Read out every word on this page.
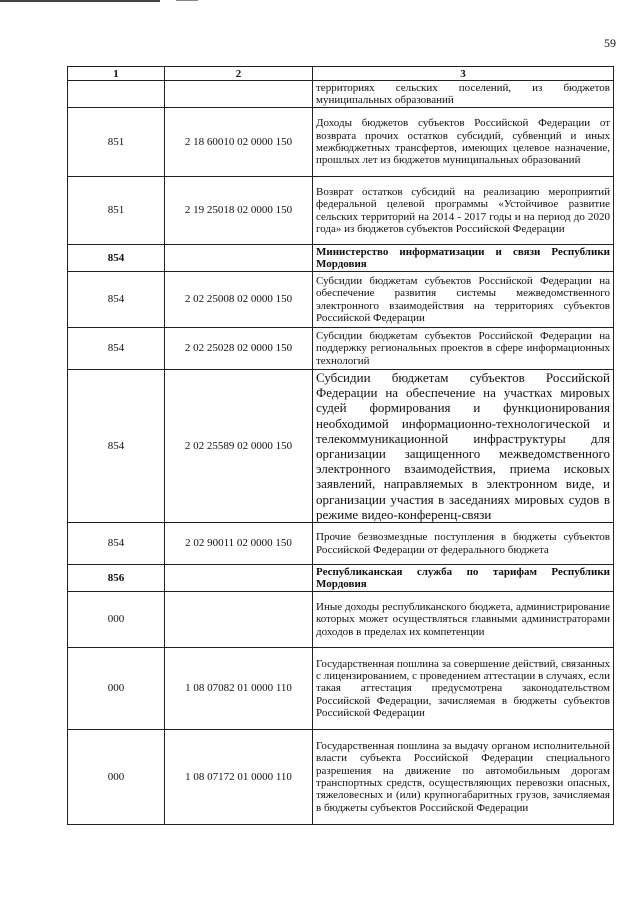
59
1	2	3
		территориях сельских поселений, из бюджетов муниципальных образований
851	2 18 60010 02 0000 150	Доходы бюджетов субъектов Российской Федерации от возврата прочих остатков субсидий, субвенций и иных межбюджетных трансфертов, имеющих целевое назначение, прошлых лет из бюджетов муниципальных образований
851	2 19 25018 02 0000 150	Возврат остатков субсидий на реализацию мероприятий федеральной целевой программы «Устойчивое развитие сельских территорий на 2014 - 2017 годы и на период до 2020 года» из бюджетов субъектов Российской Федерации
854		Министерство информатизации и связи Республики Мордовия
854	2 02 25008 02 0000 150	Субсидии бюджетам субъектов Российской Федерации на обеспечение развития системы межведомственного электронного взаимодействия на территориях субъектов Российской Федерации
854	2 02 25028 02 0000 150	Субсидии бюджетам субъектов Российской Федерации на поддержку региональных проектов в сфере информационных технологий
854	2 02 25589 02 0000 150	Субсидии бюджетам субъектов Российской Федерации на обеспечение на участках мировых судей формирования и функционирования необходимой информационно-технологической и телекоммуникационной инфраструктуры для организации защищенного межведомственного электронного взаимодействия, приема исковых заявлений, направляемых в электронном виде, и организации участия в заседаниях мировых судов в режиме видео-конференц-связи
854	2 02 90011 02 0000 150	Прочие безвозмездные поступления в бюджеты субъектов Российской Федерации от федерального бюджета
856		Республиканская служба по тарифам Республики Мордовия
000		Иные доходы республиканского бюджета, администрирование которых может осуществляться главными администраторами доходов в пределах их компетенции
000	1 08 07082 01 0000 110	Государственная пошлина за совершение действий, связанных с лицензированием, с проведением аттестации в случаях, если такая аттестация предусмотрена законодательством Российской Федерации, зачисляемая в бюджеты субъектов Российской Федерации
000	1 08 07172 01 0000 110	Государственная пошлина за выдачу органом исполнительной власти субъекта Российской Федерации специального разрешения на движение по автомобильным дорогам транспортных средств, осуществляющих перевозки опасных, тяжеловесных и (или) крупногабаритных грузов, зачисляемая в бюджеты субъектов Российской Федерации
